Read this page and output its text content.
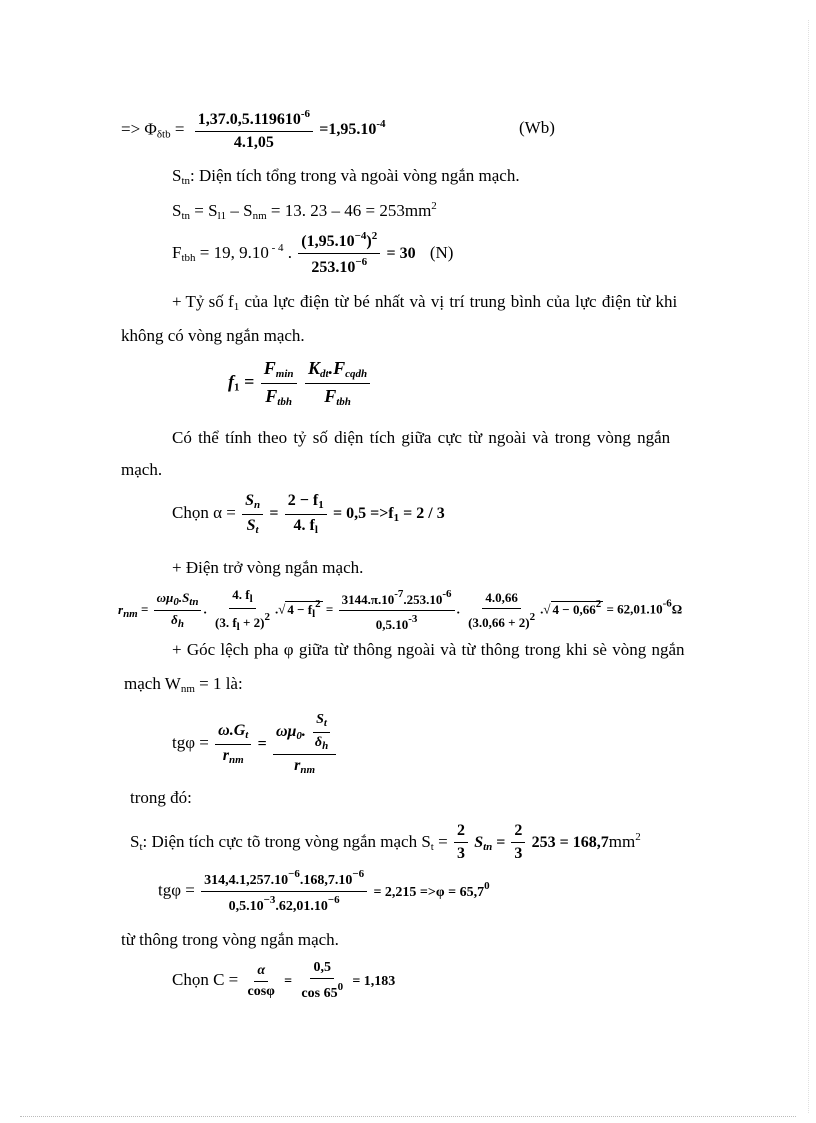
=> $\Phi_{\delta tb} = \frac{1,37.0,5.119610^{-6}}{4.1,05} =1,95.10^{-4}$	(Wb)
$S_{tn}$: Diện tích tổng trong và ngoài vòng ngắn mạch.
$S_{tn} = S_{l1} - S_{nm} = 13$. $23 - 46 = 253mm^2$
$F_{tbh} = 19$, 9.10 $^{- 4}$ . $\frac{(1,95.10^{-4})^2}{253.10^{-6}} = 30$ (N)
+ Tỷ số $f_1$ của lực điện từ bé nhất và vị trí trung bình của lực điện từ khi
không có vòng ngắn mạch.
$f_1 = \frac{F_{min}}{F_{tbh}}$
$\frac{K_{dt}.F_{cqdh}}{F_{tbh}}$
Có thể tính theo tỷ số diện tích giữa cực từ ngoài và trong vòng ngắn
mạch.
Chọn $\alpha = \frac{S_n}{S_t} = \frac{2 - f_1}{4. f_l} = 0,5 =>f_1 = 2 / 3$
+ Điện trở vòng ngắn mạch.
$r_{nm} = \frac{\omega\mu_0.S_{tn}}{\delta_h}$ . $\frac{4. f_l}{(3. f_l + 2)^2}$ .√ $4 - f_l^2 = \frac{3144.\pi.10^{-7}.253.10^{-6}}{0,5.10^{-3}}$ . $\frac{4.0,66}{(3.0,66 + 2)^2}$ .√ $4 - 0,66^2 = 62,01.10^{-6}\Omega$
+ Góc lệch pha φ giữa từ thông ngoài và từ thông trong khi sè vòng ngắn
mạch $W_{nm} = 1$ là:
$tg\varphi = \frac{\omega.G_t}{r_{nm}} = \frac{\omega\mu_0. \frac{S_t}{\delta_h}}{r_{nm}}$
trong đó:
$S_t$: Diện tích cực tõ trong vòng ngắn mạch $S_t = \frac{2}{3} S_{tn} = \frac{2}{3} 253 = 168,7mm^2$
$tg\varphi = \frac{314,4.1,257.10^{-6}.168,7.10^{-6}}{0,5.10^{-3}.62,01.10^{-6}} = 2,215 =>\varphi = 65,7^0$
từ thông trong vòng ngắn mạch.
Chọn $C = \frac{\alpha}{\cos\varphi} = \frac{0,5}{\cos 65^0} = 1,183$
